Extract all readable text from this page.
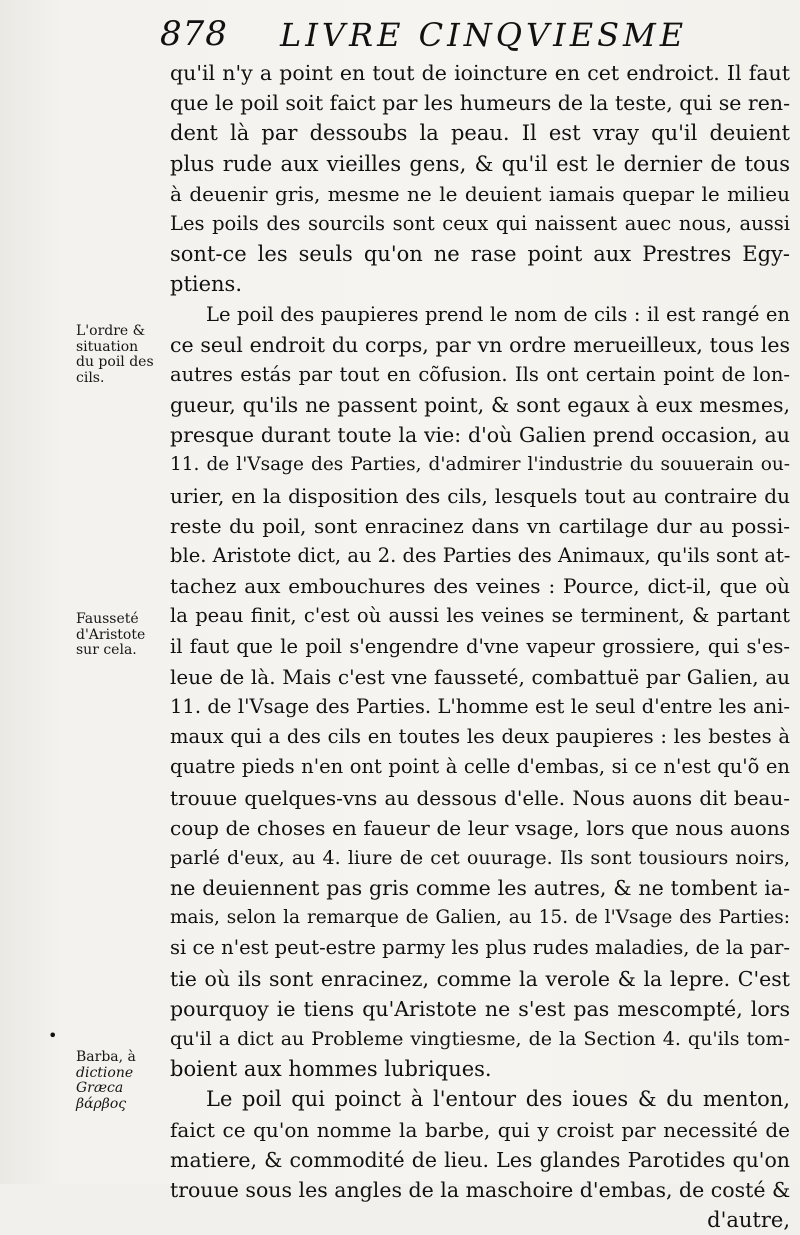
878 LIVRE CINQVIESME
L'ordre &
situation
du poil des
cils.
Fausseté
d'Aristote
sur cela.
Barba, à
dictione
Græca
βάρβος
•
qu'il n'y a point en tout de ioincture en cet endroict. Il faut
que le poil soit faict par les humeurs de la teste, qui se ren-
dent là par dessoubs la peau. Il est vray qu'il deuient
plus rude aux vieilles gens, & qu'il est le dernier de tous
à deuenir gris, mesme ne le deuient iamais quepar le milieu
Les poils des sourcils sont ceux qui naissent auec nous, aussi
sont-ce les seuls qu'on ne rase point aux Prestres Egy-
ptiens.
Le poil des paupieres prend le nom de cils : il est rangé en
ce seul endroit du corps, par vn ordre merueilleux, tous les
autres estás par tout en cõfusion. Ils ont certain point de lon-
gueur, qu'ils ne passent point, & sont egaux à eux mesmes,
presque durant toute la vie: d'où Galien prend occasion, au
11. de l'Vsage des Parties, d'admirer l'industrie du souuerain ou-
urier, en la disposition des cils, lesquels tout au contraire du
reste du poil, sont enracinez dans vn cartilage dur au possi-
ble. Aristote dict, au 2. des Parties des Animaux, qu'ils sont at-
tachez aux embouchures des veines : Pource, dict-il, que où
la peau finit, c'est où aussi les veines se terminent, & partant
il faut que le poil s'engendre d'vne vapeur grossiere, qui s'es-
leue de là. Mais c'est vne fausseté, combattuë par Galien, au
11. de l'Vsage des Parties. L'homme est le seul d'entre les ani-
maux qui a des cils en toutes les deux paupieres : les bestes à
quatre pieds n'en ont point à celle d'embas, si ce n'est qu'õ en
trouue quelques-vns au dessous d'elle. Nous auons dit beau-
coup de choses en faueur de leur vsage, lors que nous auons
parlé d'eux, au 4. liure de cet ouurage. Ils sont tousiours noirs,
ne deuiennent pas gris comme les autres, & ne tombent ia-
mais, selon la remarque de Galien, au 15. de l'Vsage des Parties:
si ce n'est peut-estre parmy les plus rudes maladies, de la par-
tie où ils sont enracinez, comme la verole & la lepre. C'est
pourquoy ie tiens qu'Aristote ne s'est pas mescompté, lors
qu'il a dict au Probleme vingtiesme, de la Section 4. qu'ils tom-
boient aux hommes lubriques.
Le poil qui poinct à l'entour des ioues & du menton,
faict ce qu'on nomme la barbe, qui y croist par necessité de
matiere, & commodité de lieu. Les glandes Parotides qu'on
trouue sous les angles de la maschoire d'embas, de costé &
d'autre,
